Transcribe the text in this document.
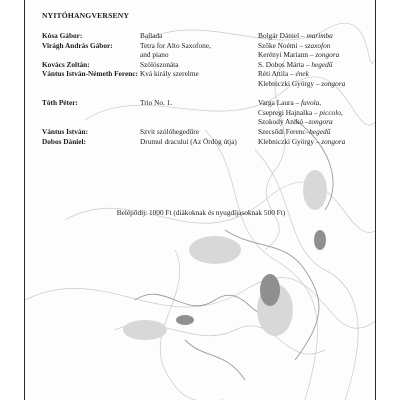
NYITÓHANGVERSENY
Kósa Gábor:	Ballada	Bolgár Dániel – marimba
Virágh András Gábor:	Tetra for Alto Saxofone,	Szőke Noémi – szaxofon
and piano	Kerényi Mariann – zongora
Kovács Zoltán:	Szólószonáta	S. Dobos Márta – hegedű
Vántus István-Németh Ferenc: Kvá király szerelme	Réti Attila – ének
Klebniczki György – zongora
Tóth Péter:	Trio No. 1.	Varga Laura – fuvola,
Csepregi Hajnalka – piccolo,
Szokody Anikó –zongora
Vántus István:	Szvit szólóhegedűre	Szecsődi Ferenc–hegedű
Dobos Dániel:	Drumul dracului (Az Ördög útja)	Klebniczki György – zongora
Belépődíj: 1000 Ft (diákoknak és nyugdíjasoknak 500 Ft)
